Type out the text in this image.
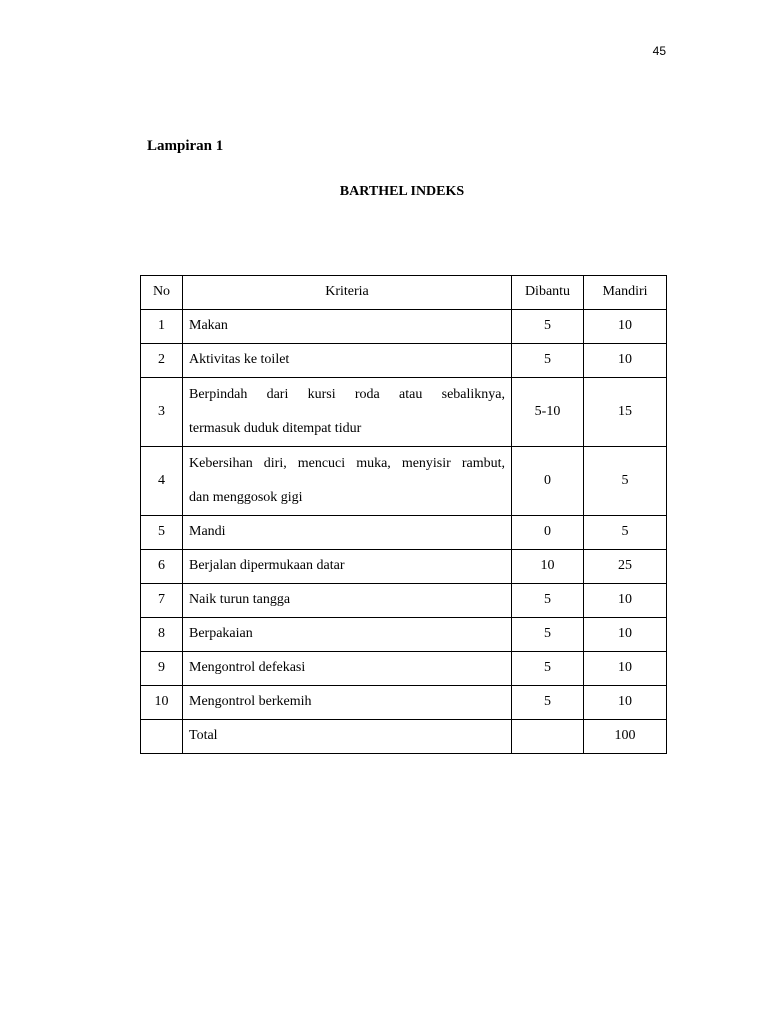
45
Lampiran 1
BARTHEL INDEKS
No	Kriteria	Dibantu	Mandiri
1	Makan	5	10
2	Aktivitas ke toilet	5	10
3	Berpindah dari kursi roda atau sebaliknya,
termasuk duduk ditempat tidur	5-10	15
4	Kebersihan diri, mencuci muka, menyisir rambut,
dan menggosok gigi	0	5
5	Mandi	0	5
6	Berjalan dipermukaan datar	10	25
7	Naik turun tangga	5	10
8	Berpakaian	5	10
9	Mengontrol defekasi	5	10
10	Mengontrol berkemih	5	10
	Total		100
